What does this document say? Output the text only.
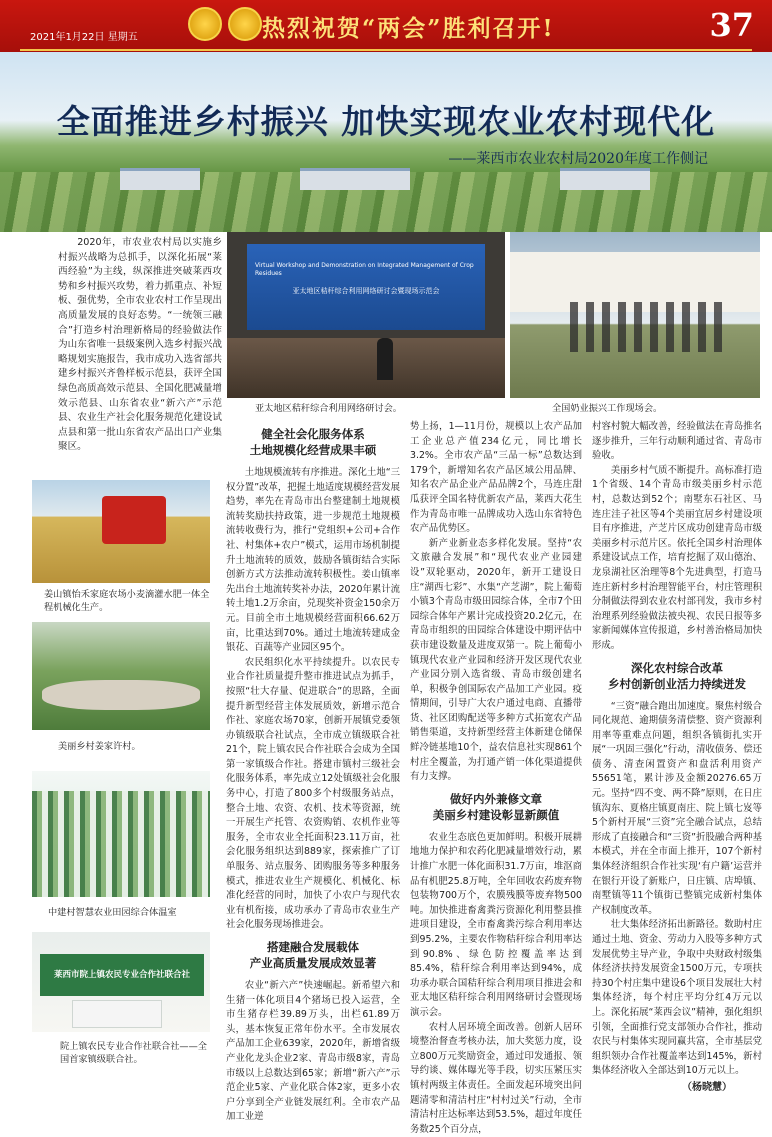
2021年1月22日 星期五	热烈祝贺“两会”胜利召开!	37
全面推进乡村振兴 加快实现农业农村现代化
——莱西市农业农村局2020年度工作侧记
2020年，市农业农村局以实施乡村振兴战略为总抓手，以深化拓展“莱西经验”为主线，纵深推进突破莱西攻势和乡村振兴攻势，着力抓重点、补短板、强优势，全市农业农村工作呈现出高质量发展的良好态势。“一统领三融合”打造乡村治理新格局的经验做法作为山东省唯一县级案例入选乡村振兴战略规划实施报告，我市成功入选省部共建乡村振兴齐鲁样板示范县，获评全国绿色高质高效示范县、全国化肥减量增效示范县、山东省农业“新六产”示范县、农业生产社会化服务规范化建设试点县和第一批山东省农产品出口产业集聚区。
Virtual Workshop and Demonstration on Integrated Management of Crop Residues
亚太地区秸秆综合利用网络研讨会暨现场示范会
亚太地区秸秆综合利用网络研讨会。	全国奶业振兴工作现场会。
姜山镇怡禾家庭农场小麦滴灌水肥一体全程机械化生产。
美丽乡村姜家许村。
中建村智慧农业田园综合体温室
莱西市院上镇农民专业合作社联合社
院上镇农民专业合作社联合社——全国首家镇级联合社。
健全社会化服务体系
土地规模化经营成果丰硕

土地规模流转有序推进。深化土地“三权分置”改革，把握土地适度规模经营发展趋势，率先在青岛市出台整建制土地规模流转奖励扶持政策，进一步规范土地规模流转收费行为，推行“党组织+公司+合作社、村集体+农户”模式，运用市场机制提升土地流转的质效，鼓励各镇街结合实际创新方式方法推动流转积极性。姜山镇率先出台土地流转奖补办法，2020年累计流转土地1.2万余亩，兑现奖补资金150余万元。目前全市土地规模经营面积66.62万亩，比重达到70%。通过土地流转建成金银花、百蔬等产业园区95个。

农民组织化水平持续提升。以农民专业合作社质量提升整市推进试点为抓手，按照“壮大存量、促进联合”的思路，全面提升新型经营主体发展质效，新增示范合作社、家庭农场70家，创新开展镇党委领办镇级联合社试点，全市成立镇级联合社21个，院上镇农民合作社联合会成为全国第一家镇级合作社。搭建市镇村三级社会化服务体系，率先成立12处镇级社会化服务中心，打造了800多个村级服务站点，整合土地、农资、农机、技术等资源，统一开展生产托管、农资购销、农机作业等服务，全市农业全托面积23.11万亩，社会化服务组织达到889家，探索推广了订单服务、站点服务、团购服务等多种服务模式，推进农业生产规模化、机械化、标准化经营的同时，加快了小农户与现代农业有机衔接，成功承办了青岛市农业生产社会化服务现场推进会。

搭建融合发展载体
产业高质量发展成效显著

农业“新六产”快速崛起。新希望六和生猪一体化项目4个猪场已投入运营，全市生猪存栏39.89万头，出栏61.89万头，基本恢复正常年份水平。全市发展农产品加工企业639家，2020年，新增省级产业化龙头企业2家、青岛市级8家，青岛市级以上总数达到65家；新增“新六产”示范企业5家、产业化联合体2家，更多小农户分享到全产业链发展红利。全市农产品加工业逆

势上扬，1—11月份，规模以上农产品加工企业总产值234亿元，同比增长3.2%。全市农产品“三品一标”总数达到179个，新增知名农产品区域公用品牌、知名农产品企业产品品牌2个，马连庄甜瓜获评全国名特优新农产品，莱西大花生作为青岛市唯一品牌成功入选山东省特色农产品优势区。

新产业新业态多样化发展。坚持“农文旅融合发展”和“现代农业产业园建设”双轮驱动，2020年，新开工建设日庄“湖西七彩”、水集“产芝湖”，院上葡萄小镇3个青岛市级田园综合体，全市7个田园综合体年产累计完成投资20.2亿元，在青岛市组织的田园综合体建设中期评估中获市建设数量及进度双第一。院上葡萄小镇现代农业产业园和经济开发区现代农业产业园分别入选省级、青岛市级创建名单，积极争创国际农产品加工产业园。疫情期间，引导广大农户通过电商、直播带货、社区团购配送等多种方式拓宽农产品销售渠道，支持新型经营主体新建仓储保鲜冷链基地10个，益农信息社实现861个村庄全覆盖，为打通产销一体化渠道提供有力支撑。

做好内外兼修文章
美丽乡村建设彰显新颜值

农业生态底色更加鲜明。积极开展耕地地力保护和农药化肥减量增效行动，累计推广水肥一体化面积31.7万亩，堆沤商品有机肥25.8万吨，全年回收农药废弃物包装物700万个，农膜残膜等废弃物500吨。加快推进畜禽粪污资源化利用整县推进项目建设，全市畜禽粪污综合利用率达到95.2%，主要农作物秸秆综合利用率达到90.8%、绿色防控覆盖率达到85.4%，秸秆综合利用率达到94%，成功承办联合国秸秆综合利用项目推进会和亚太地区秸秆综合利用网络研讨会暨现场演示会。

农村人居环境全面改善。创新人居环境整治督查考核办法，加大奖惩力度，设立800万元奖励资金，通过印发通报、领导约谈、媒体曝光等手段，切实压紧压实镇村两级主体责任。全面发起环境突出问题清零和清洁村庄“村村过关”行动，全市清洁村庄达标率达到53.5%，超过年度任务数25个百分点，

村容村貌大幅改善，经验做法在青岛推名逐步推升，三年行动顺利通过省、青岛市验收。

美丽乡村气质不断提升。高标准打造1个省级、14个青岛市级美丽乡村示范村，总数达到52个；南墅东石社区、马连庄洼子社区等4个美丽宜居乡村建设项目有序推进，产芝片区成功创建青岛市级美丽乡村示范片区。依托全国乡村治理体系建设试点工作，培育挖掘了双山德治、龙泉湖社区治理等8个先进典型，打造马连庄新村乡村治理智能平台，村庄管理积分制做法得到农业农村部刊发，我市乡村治理系列经验做法被央视、农民日报等多家新闻媒体宣传报道，乡村善治格局加快形成。

深化农村综合改革
乡村创新创业活力持续迸发

“三资”融合跑出加速度。聚焦村级合同化规范、逾期债务清偿整、资产资源利用率等重难点问题，组织各镇街扎实开展“一巩固三强化”行动，清收债务、偿还债务、清查闲置资产和盘活利用资产55651笔，累计涉及金额20276.65万元。坚持“四不变、两不降”原则，在日庄镇沟东、夏格庄镇夏南庄、院上镇七岌等5个新村开展“三资”完全融合试点，总结形成了直接融合和“三资”折股融合两种基本模式，并在全市面上推开，107个新村集体经济组织合作社实现‘有户籍’运营并在银行开设了新账户，日庄镇、店埠镇、南墅镇等11个镇街已整镇完成新村集体产权制度改革。

壮大集体经济拓出新路径。数助村庄通过土地、资金、劳动力入股等多种方式发展优势主导产业，争取中央财政村级集体经济扶持发展资金1500万元，专项扶持30个村庄集中建设6个项目发展壮大村集体经济，每个村庄平均分红4万元以上。深化拓展“莱西会议”精神，强化组织引领，全面推行党支部领办合作社，推动农民与村集体实现同赢共富，全市基层党组织领办合作社覆盖率达到145%，新村集体经济收入全部达到10万元以上。

（杨晓慧）
